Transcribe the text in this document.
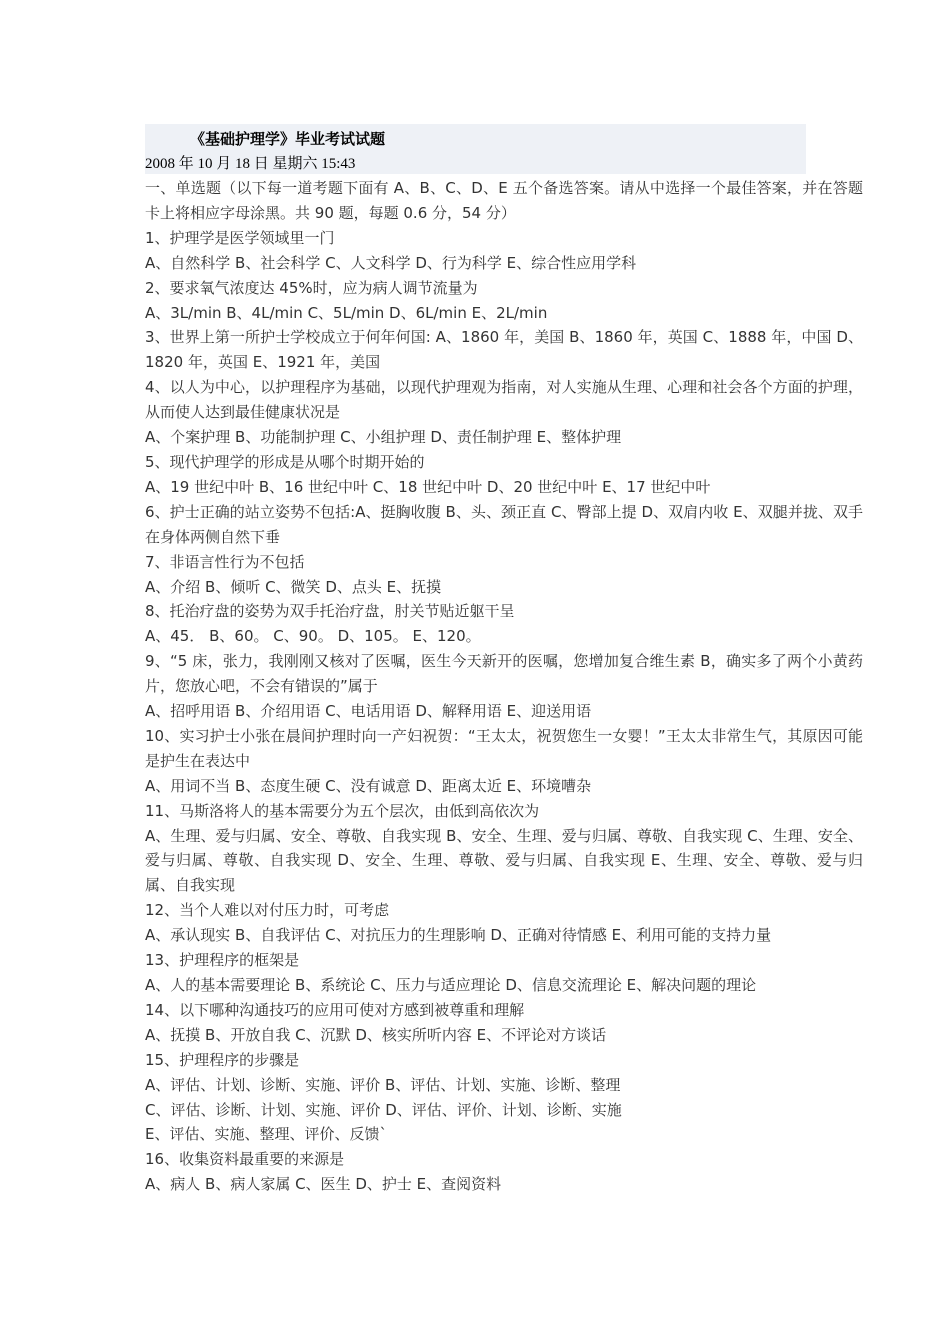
《基础护理学》毕业考试试题
2008 年 10 月 18 日 星期六 15:43

一、单选题（以下每一道考题下面有 A、B、C、D、E 五个备选答案。请从中选择一个最佳答案，并在答题卡上将相应字母涂黑。共 90 题，每题 0.6 分，54 分）

1、护理学是医学领域里一门

A、自然科学 B、社会科学 C、人文科学 D、行为科学 E、综合性应用学科

2、要求氧气浓度达 45%时，应为病人调节流量为

A、3L/min B、4L/min C、5L/min D、6L/min E、2L/min

3、世界上第一所护士学校成立于何年何国: A、1860 年，美国 B、1860 年，英国 C、1888 年，中国 D、1820 年，英国 E、1921 年，美国

4、以人为中心，以护理程序为基础，以现代护理观为指南，对人实施从生理、心理和社会各个方面的护理，从而使人达到最佳健康状况是

A、个案护理 B、功能制护理 C、小组护理 D、责任制护理 E、整体护理

5、现代护理学的形成是从哪个时期开始的

A、19 世纪中叶 B、16 世纪中叶 C、18 世纪中叶 D、20 世纪中叶 E、17 世纪中叶

6、护士正确的站立姿势不包括:A、挺胸收腹 B、头、颈正直 C、臀部上提 D、双肩内收 E、双腿并拢、双手在身体两侧自然下垂

7、非语言性行为不包括

A、介绍 B、倾听 C、微笑 D、点头 E、抚摸

8、托治疗盘的姿势为双手托治疗盘，肘关节贴近躯干呈

A、45． B、60。 C、90。 D、105。 E、120。

9、“5 床，张力，我刚刚又核对了医嘱，医生今天新开的医嘱，您增加复合维生素 B，确实多了两个小黄药片，您放心吧，不会有错误的”属于

A、招呼用语 B、介绍用语 C、电话用语 D、解释用语 E、迎送用语

10、实习护士小张在晨间护理时向一产妇祝贺：“王太太，祝贺您生一女婴！”王太太非常生气，其原因可能是护生在表达中

A、用词不当 B、态度生硬 C、没有诚意 D、距离太近 E、环境嘈杂

11、马斯洛将人的基本需要分为五个层次，由低到高依次为

A、生理、爱与归属、安全、尊敬、自我实现 B、安全、生理、爱与归属、尊敬、自我实现 C、生理、安全、爱与归属、尊敬、自我实现 D、安全、生理、尊敬、爱与归属、自我实现 E、生理、安全、尊敬、爱与归属、自我实现

12、当个人难以对付压力时，可考虑

A、承认现实 B、自我评估 C、对抗压力的生理影响 D、正确对待情感 E、利用可能的支持力量

13、护理程序的框架是

A、人的基本需要理论 B、系统论 C、压力与适应理论 D、信息交流理论 E、解决问题的理论

14、以下哪种沟通技巧的应用可使对方感到被尊重和理解

A、抚摸 B、开放自我 C、沉默 D、核实所听内容 E、不评论对方谈话

15、护理程序的步骤是

A、评估、计划、诊断、实施、评价 B、评估、计划、实施、诊断、整理

C、评估、诊断、计划、实施、评价 D、评估、评价、计划、诊断、实施

E、评估、实施、整理、评价、反馈`

16、收集资料最重要的来源是

A、病人 B、病人家属 C、医生 D、护士 E、查阅资料
